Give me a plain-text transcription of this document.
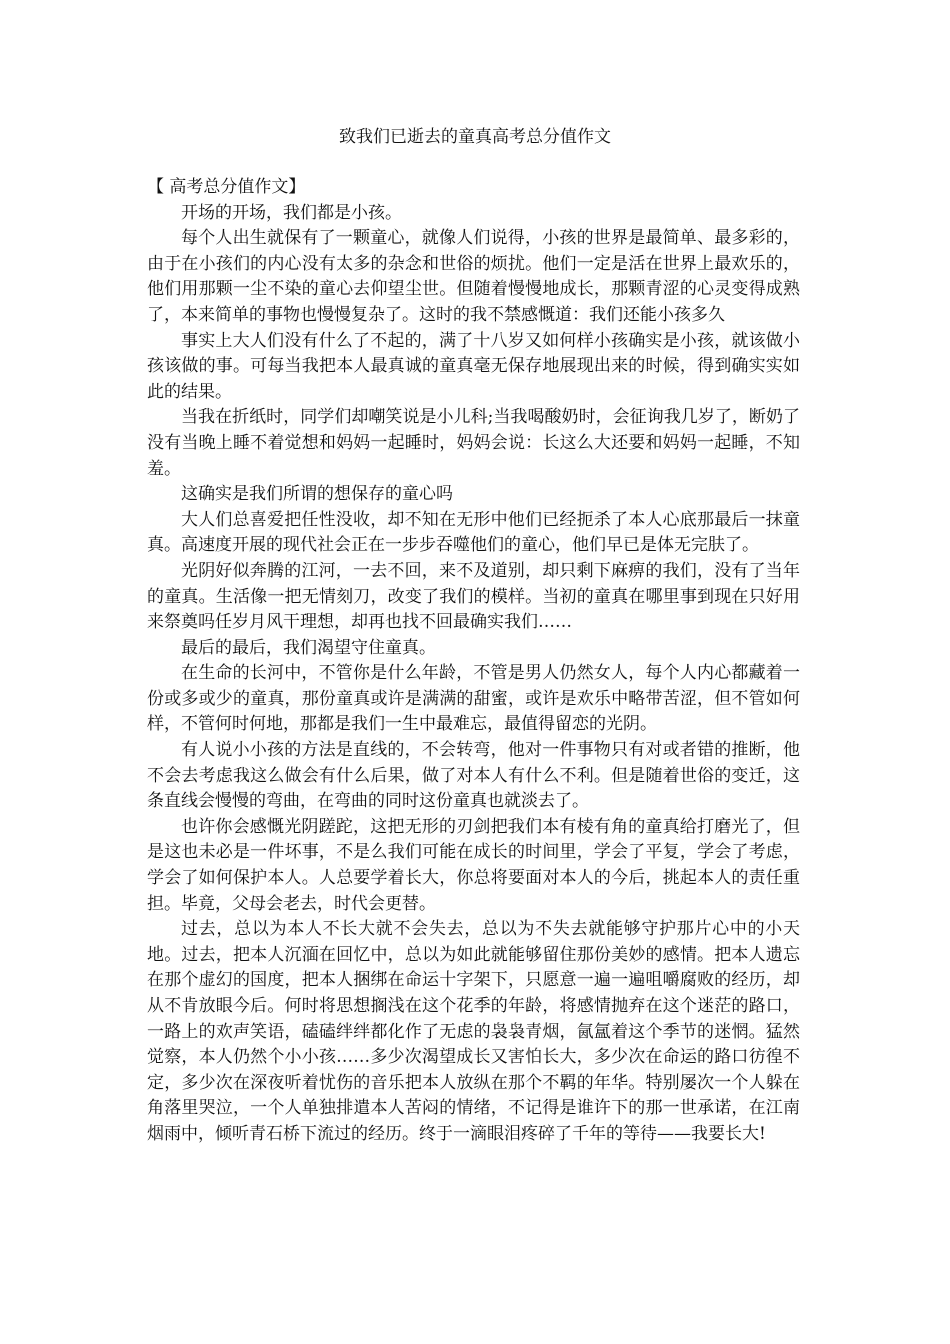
致我们已逝去的童真高考总分值作文

【 高考总分值作文】

开场的开场，我们都是小孩。

每个人出生就保有了一颗童心，就像人们说得，小孩的世界是最简单、最多彩的，由于在小孩们的内心没有太多的杂念和世俗的烦扰。他们一定是活在世界上最欢乐的，他们用那颗一尘不染的童心去仰望尘世。但随着慢慢地成长，那颗青涩的心灵变得成熟了，本来简单的事物也慢慢复杂了。这时的我不禁感慨道：我们还能小孩多久

事实上大人们没有什么了不起的，满了十八岁又如何样小孩确实是小孩，就该做小孩该做的事。可每当我把本人最真诚的童真毫无保存地展现出来的时候，得到确实实如此的结果。

当我在折纸时，同学们却嘲笑说是小儿科;当我喝酸奶时，会征询我几岁了，断奶了没有当晚上睡不着觉想和妈妈一起睡时，妈妈会说：长这么大还要和妈妈一起睡，不知羞。

这确实是我们所谓的想保存的童心吗

大人们总喜爱把任性没收，却不知在无形中他们已经扼杀了本人心底那最后一抹童真。高速度开展的现代社会正在一步步吞噬他们的童心，他们早已是体无完肤了。

光阴好似奔腾的江河，一去不回，来不及道别，却只剩下麻痹的我们，没有了当年的童真。生活像一把无情刻刀，改变了我们的模样。当初的童真在哪里事到现在只好用来祭奠吗任岁月风干理想，却再也找不回最确实我们……

最后的最后，我们渴望守住童真。

在生命的长河中，不管你是什么年龄，不管是男人仍然女人，每个人内心都藏着一份或多或少的童真，那份童真或许是满满的甜蜜，或许是欢乐中略带苦涩，但不管如何样，不管何时何地，那都是我们一生中最难忘，最值得留恋的光阴。

有人说小小孩的方法是直线的，不会转弯，他对一件事物只有对或者错的推断，他不会去考虑我这么做会有什么后果，做了对本人有什么不利。但是随着世俗的变迁，这条直线会慢慢的弯曲，在弯曲的同时这份童真也就淡去了。

也许你会感慨光阴蹉跎，这把无形的刃剑把我们本有棱有角的童真给打磨光了，但是这也未必是一件坏事，不是么我们可能在成长的时间里，学会了平复，学会了考虑，学会了如何保护本人。人总要学着长大，你总将要面对本人的今后，挑起本人的责任重担。毕竟，父母会老去，时代会更替。

过去，总以为本人不长大就不会失去，总以为不失去就能够守护那片心中的小天地。过去，把本人沉湎在回忆中，总以为如此就能够留住那份美妙的感情。把本人遗忘在那个虚幻的国度，把本人捆绑在命运十字架下，只愿意一遍一遍咀嚼腐败的经历，却从不肯放眼今后。何时将思想搁浅在这个花季的年龄，将感情抛弃在这个迷茫的路口，一路上的欢声笑语，磕磕绊绊都化作了无虑的袅袅青烟，氤氲着这个季节的迷惘。猛然觉察，本人仍然个小小孩……多少次渴望成长又害怕长大，多少次在命运的路口彷徨不定，多少次在深夜听着忧伤的音乐把本人放纵在那个不羁的年华。特别屡次一个人躲在角落里哭泣，一个人单独排遣本人苦闷的情绪，不记得是谁许下的那一世承诺，在江南烟雨中，倾听青石桥下流过的经历。终于一滴眼泪疼碎了千年的等待——我要长大!
